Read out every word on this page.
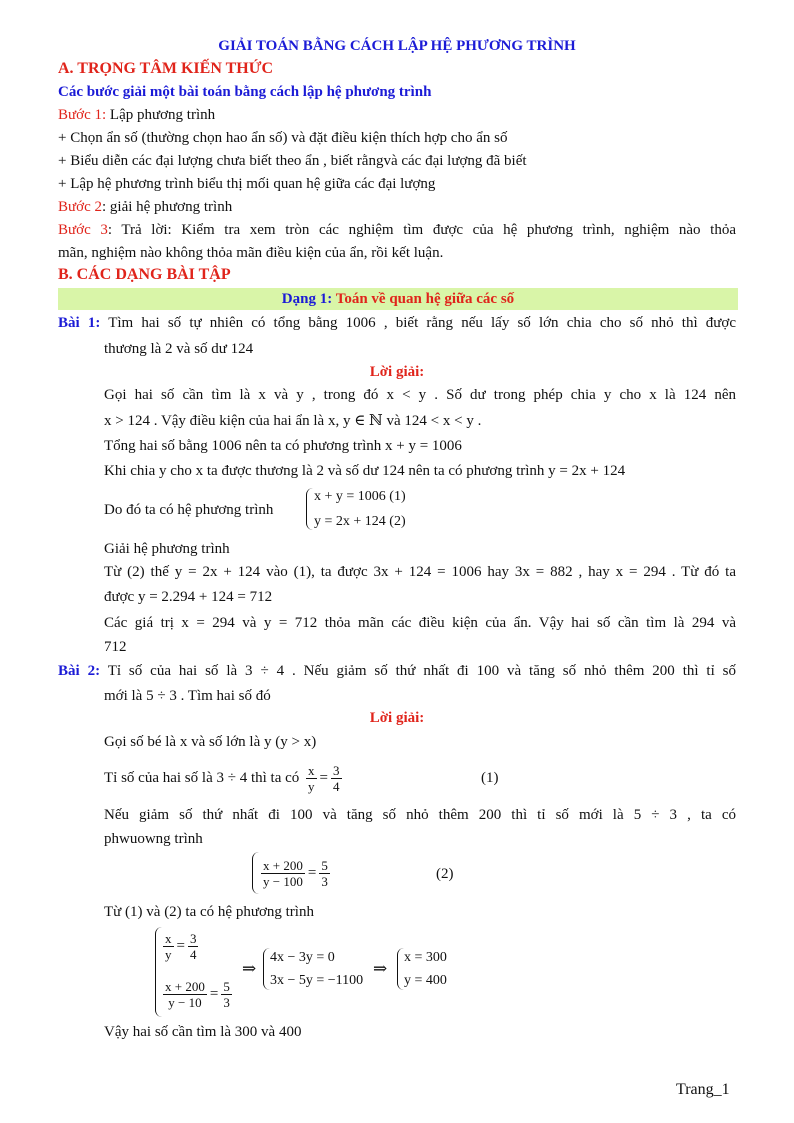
GIẢI TOÁN BẰNG CÁCH LẬP HỆ PHƯƠNG TRÌNH
A. TRỌNG TÂM KIẾN THỨC
Các bước giải một bài toán bằng cách lập hệ phương trình
Bước 1: Lập phương trình
+ Chọn ẩn số (thường chọn hao ẩn số) và đặt điều kiện thích hợp cho ẩn số
+ Biểu diễn các đại lượng chưa biết theo ẩn , biết rằngvà các đại lượng đã biết
+ Lập hệ phương trình biểu thị mối quan hệ giữa các đại lượng
Bước 2: giải hệ phương trình
Bước 3: Trả lời: Kiểm tra xem tròn các nghiệm tìm được của hệ phương trình, nghiệm nào thỏa
mãn, nghiệm nào không thỏa mãn điều kiện của ẩn, rồi kết luận.
B. CÁC DẠNG BÀI TẬP
Dạng 1: Toán về quan hệ giữa các số
Bài 1: Tìm hai số tự nhiên có tổng bằng 1006 , biết rằng nếu lấy số lớn chia cho số nhỏ thì được
thương là 2 và số dư 124
Lời giải:
Gọi hai số cần tìm là x và y , trong đó x < y . Số dư trong phép chia y cho x là 124 nên
x > 124 . Vậy điều kiện của hai ẩn là x, y ∈ ℕ và 124 < x < y .
Tổng hai số bằng 1006 nên ta có phương trình x + y = 1006
Khi chia y cho x ta được thương là 2 và số dư 124 nên ta có phương trình y = 2x + 124
Do đó ta có hệ phương trình
x + y = 1006 (1)
y = 2x + 124 (2)
Giải hệ phương trình
Từ (2) thế y = 2x + 124 vào (1), ta được 3x + 124 = 1006 hay 3x = 882 , hay x = 294 . Từ đó ta
được y = 2.294 + 124 = 712
Các giá trị x = 294 và y = 712 thỏa mãn các điều kiện của ẩn. Vậy hai số cần tìm là 294 và
712
Bài 2: Tỉ số của hai số là 3 ÷ 4 . Nếu giảm số thứ nhất đi 100 và tăng số nhỏ thêm 200 thì tỉ số
mới là 5 ÷ 3 . Tìm hai số đó
Lời giải:
Gọi số bé là x và số lớn là y (y > x)
Tỉ số của hai số là 3 ÷ 4 thì ta có $\frac{x}{y} = \frac{3}{4}$	(1)
Nếu giảm số thứ nhất đi 100 và tăng số nhỏ thêm 200 thì tỉ số mới là 5 ÷ 3 , ta có
phwuowng trình
$\frac{x + 200}{y - 100} = \frac{5}{3}$	(2)
Từ (1) và (2) ta có hệ phương trình
$\frac{x}{y} = \frac{3}{4}$
$\frac{x + 200}{y - 10} = \frac{5}{3}$
⇒
4x − 3y = 0
3x − 5y = −1100
⇒
x = 300
y = 400
Vậy hai số cần tìm là 300 và 400
Trang_1
